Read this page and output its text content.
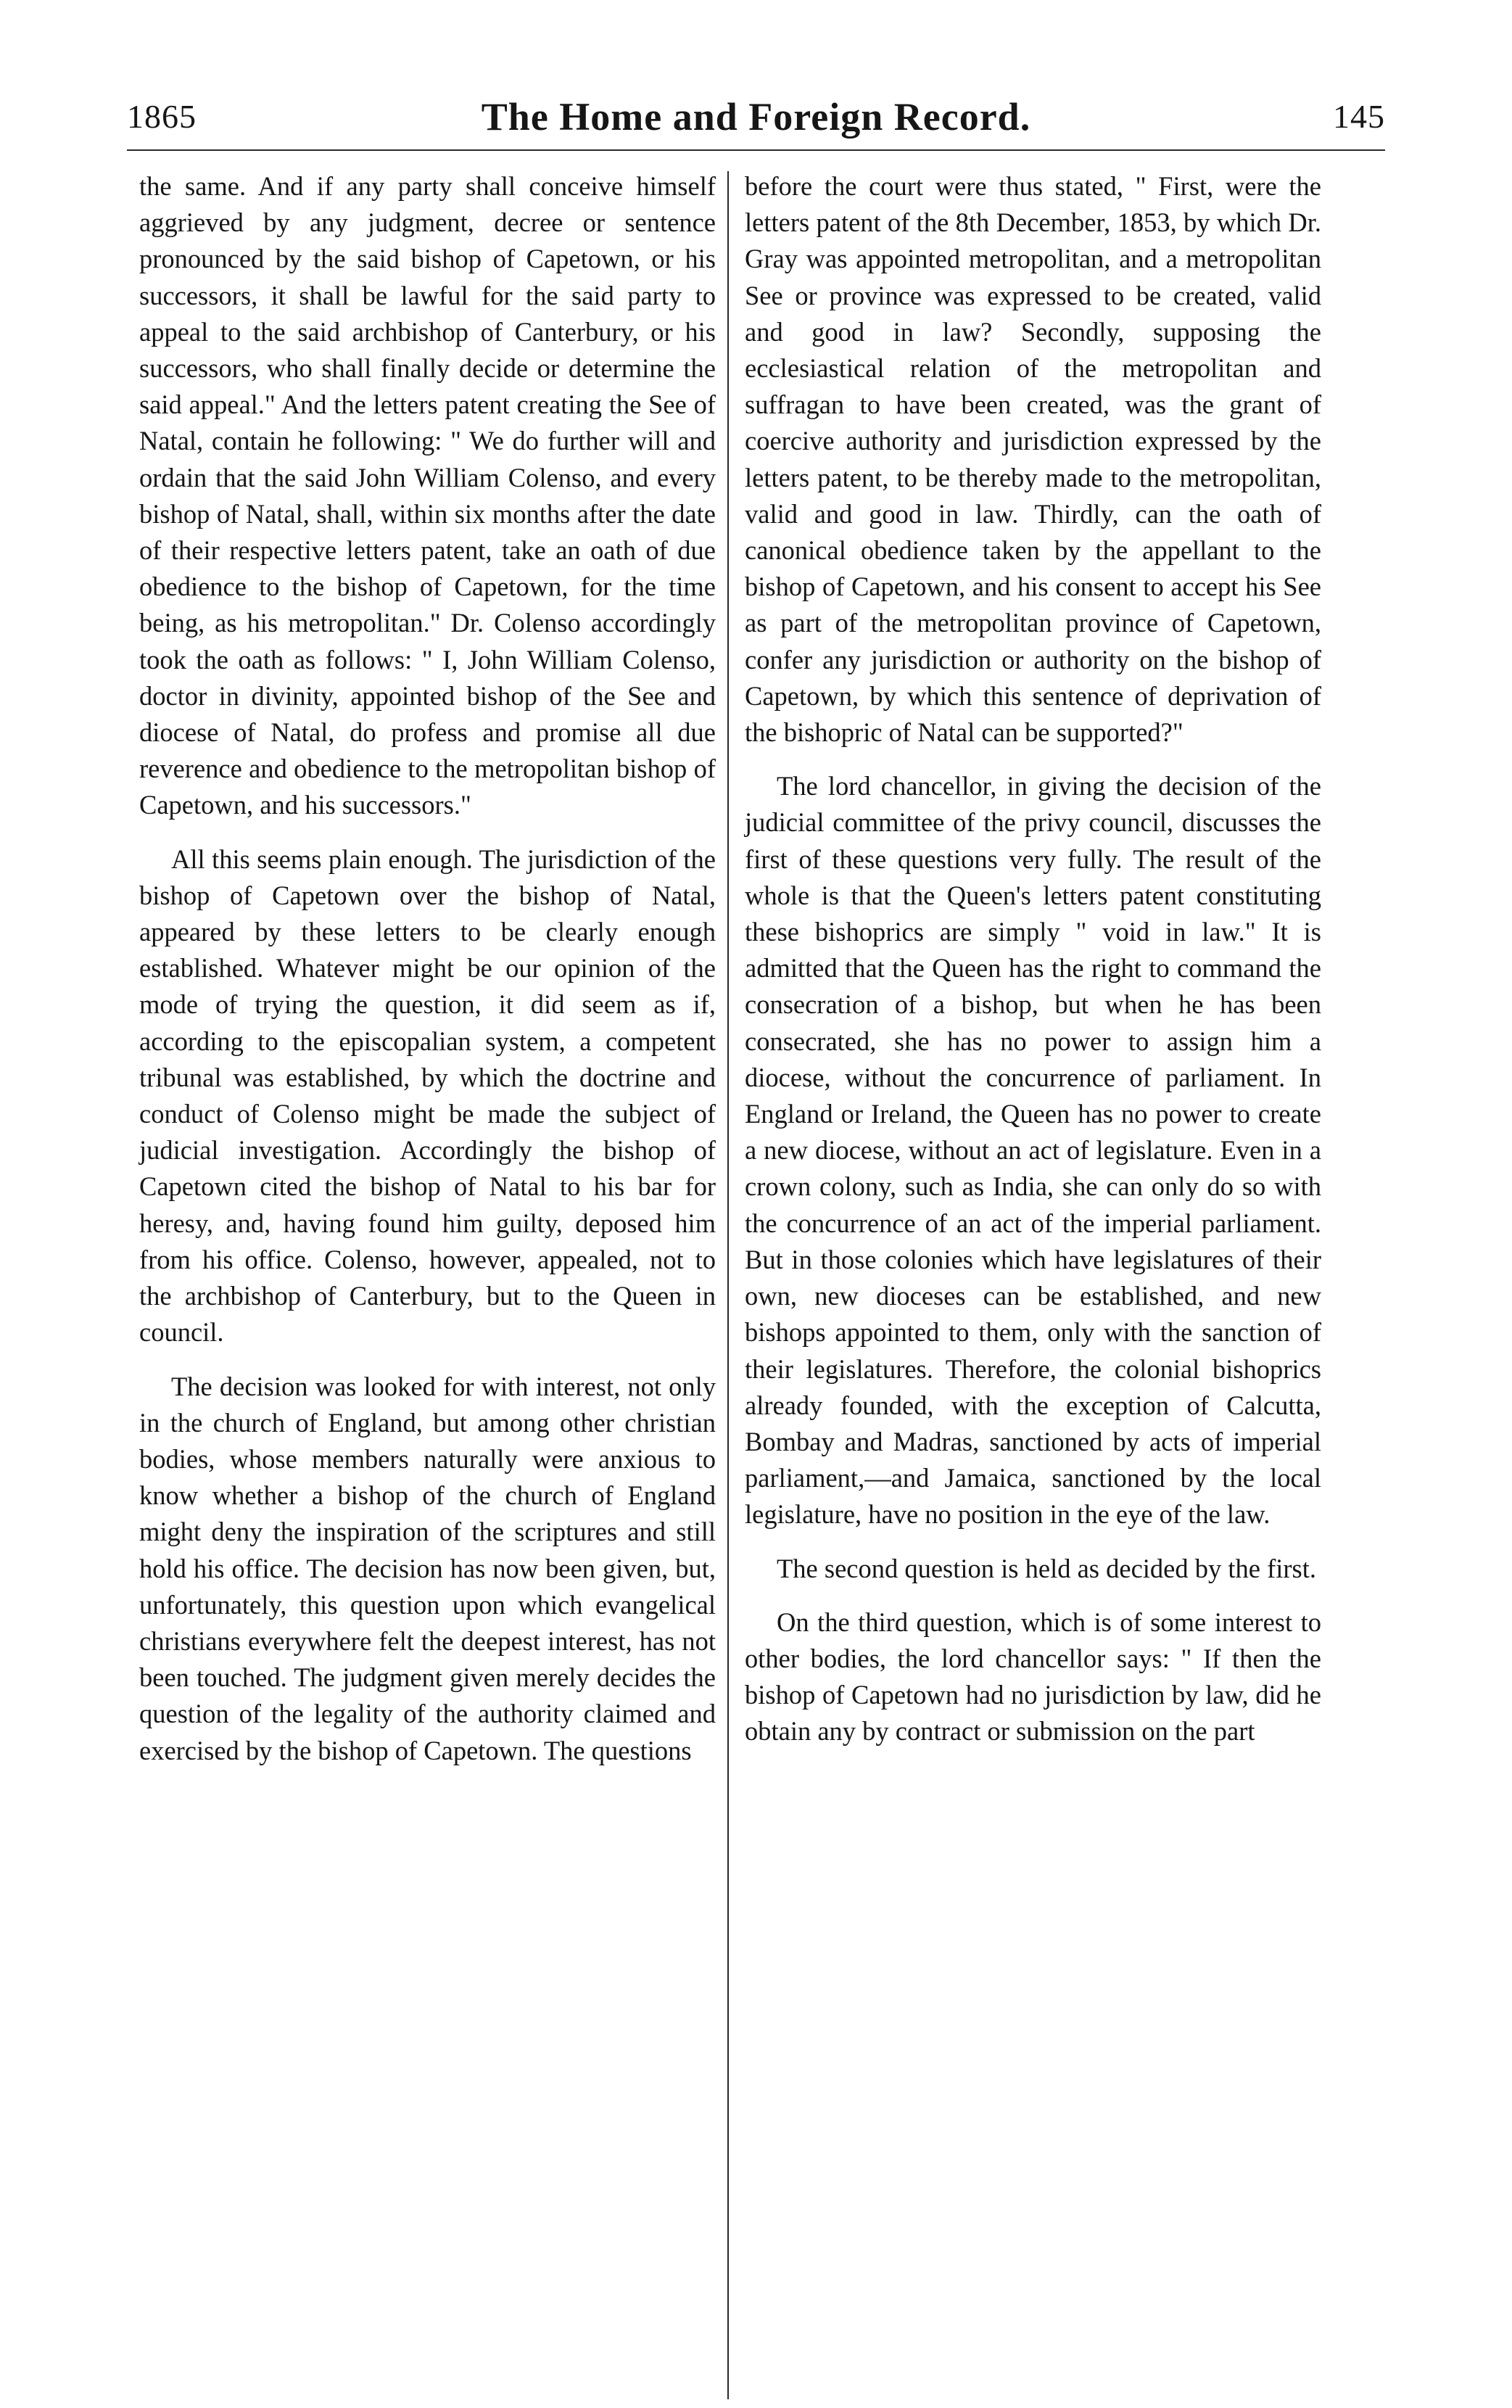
1865	The Home and Foreign Record.	145

the same. And if any party shall conceive himself aggrieved by any judgment, decree or sentence pronounced by the said bishop of Capetown, or his successors, it shall be lawful for the said party to appeal to the said archbishop of Canterbury, or his successors, who shall finally decide or determine the said appeal." And the letters patent creating the See of Natal, contain he following: " We do further will and ordain that the said John William Colenso, and every bishop of Natal, shall, within six months after the date of their respective letters patent, take an oath of due obedience to the bishop of Capetown, for the time being, as his metropolitan." Dr. Colenso accordingly took the oath as follows: " I, John William Colenso, doctor in divinity, appointed bishop of the See and diocese of Natal, do profess and promise all due reverence and obedience to the metropolitan bishop of Capetown, and his successors."

All this seems plain enough. The jurisdiction of the bishop of Capetown over the bishop of Natal, appeared by these letters to be clearly enough established. Whatever might be our opinion of the mode of trying the question, it did seem as if, according to the episcopalian system, a competent tribunal was established, by which the doctrine and conduct of Colenso might be made the subject of judicial investigation. Accordingly the bishop of Capetown cited the bishop of Natal to his bar for heresy, and, having found him guilty, deposed him from his office. Colenso, however, appealed, not to the archbishop of Canterbury, but to the Queen in council.

The decision was looked for with interest, not only in the church of England, but among other christian bodies, whose members naturally were anxious to know whether a bishop of the church of England might deny the inspiration of the scriptures and still hold his office. The decision has now been given, but, unfortunately, this question upon which evangelical christians everywhere felt the deepest interest, has not been touched. The judgment given merely decides the question of the legality of the authority claimed and exercised by the bishop of Capetown. The questions

before the court were thus stated, " First, were the letters patent of the 8th December, 1853, by which Dr. Gray was appointed metropolitan, and a metropolitan See or province was expressed to be created, valid and good in law? Secondly, supposing the ecclesiastical relation of the metropolitan and suffragan to have been created, was the grant of coercive authority and jurisdiction expressed by the letters patent, to be thereby made to the metropolitan, valid and good in law. Thirdly, can the oath of canonical obedience taken by the appellant to the bishop of Capetown, and his consent to accept his See as part of the metropolitan province of Capetown, confer any jurisdiction or authority on the bishop of Capetown, by which this sentence of deprivation of the bishopric of Natal can be supported?"

The lord chancellor, in giving the decision of the judicial committee of the privy council, discusses the first of these questions very fully. The result of the whole is that the Queen's letters patent constituting these bishoprics are simply " void in law." It is admitted that the Queen has the right to command the consecration of a bishop, but when he has been consecrated, she has no power to assign him a diocese, without the concurrence of parliament. In England or Ireland, the Queen has no power to create a new diocese, without an act of legislature. Even in a crown colony, such as India, she can only do so with the concurrence of an act of the imperial parliament. But in those colonies which have legislatures of their own, new dioceses can be established, and new bishops appointed to them, only with the sanction of their legislatures. Therefore, the colonial bishoprics already founded, with the exception of Calcutta, Bombay and Madras, sanctioned by acts of imperial parliament,—and Jamaica, sanctioned by the local legislature, have no position in the eye of the law.

The second question is held as decided by the first.

On the third question, which is of some interest to other bodies, the lord chancellor says: " If then the bishop of Capetown had no jurisdiction by law, did he obtain any by contract or submission on the part
